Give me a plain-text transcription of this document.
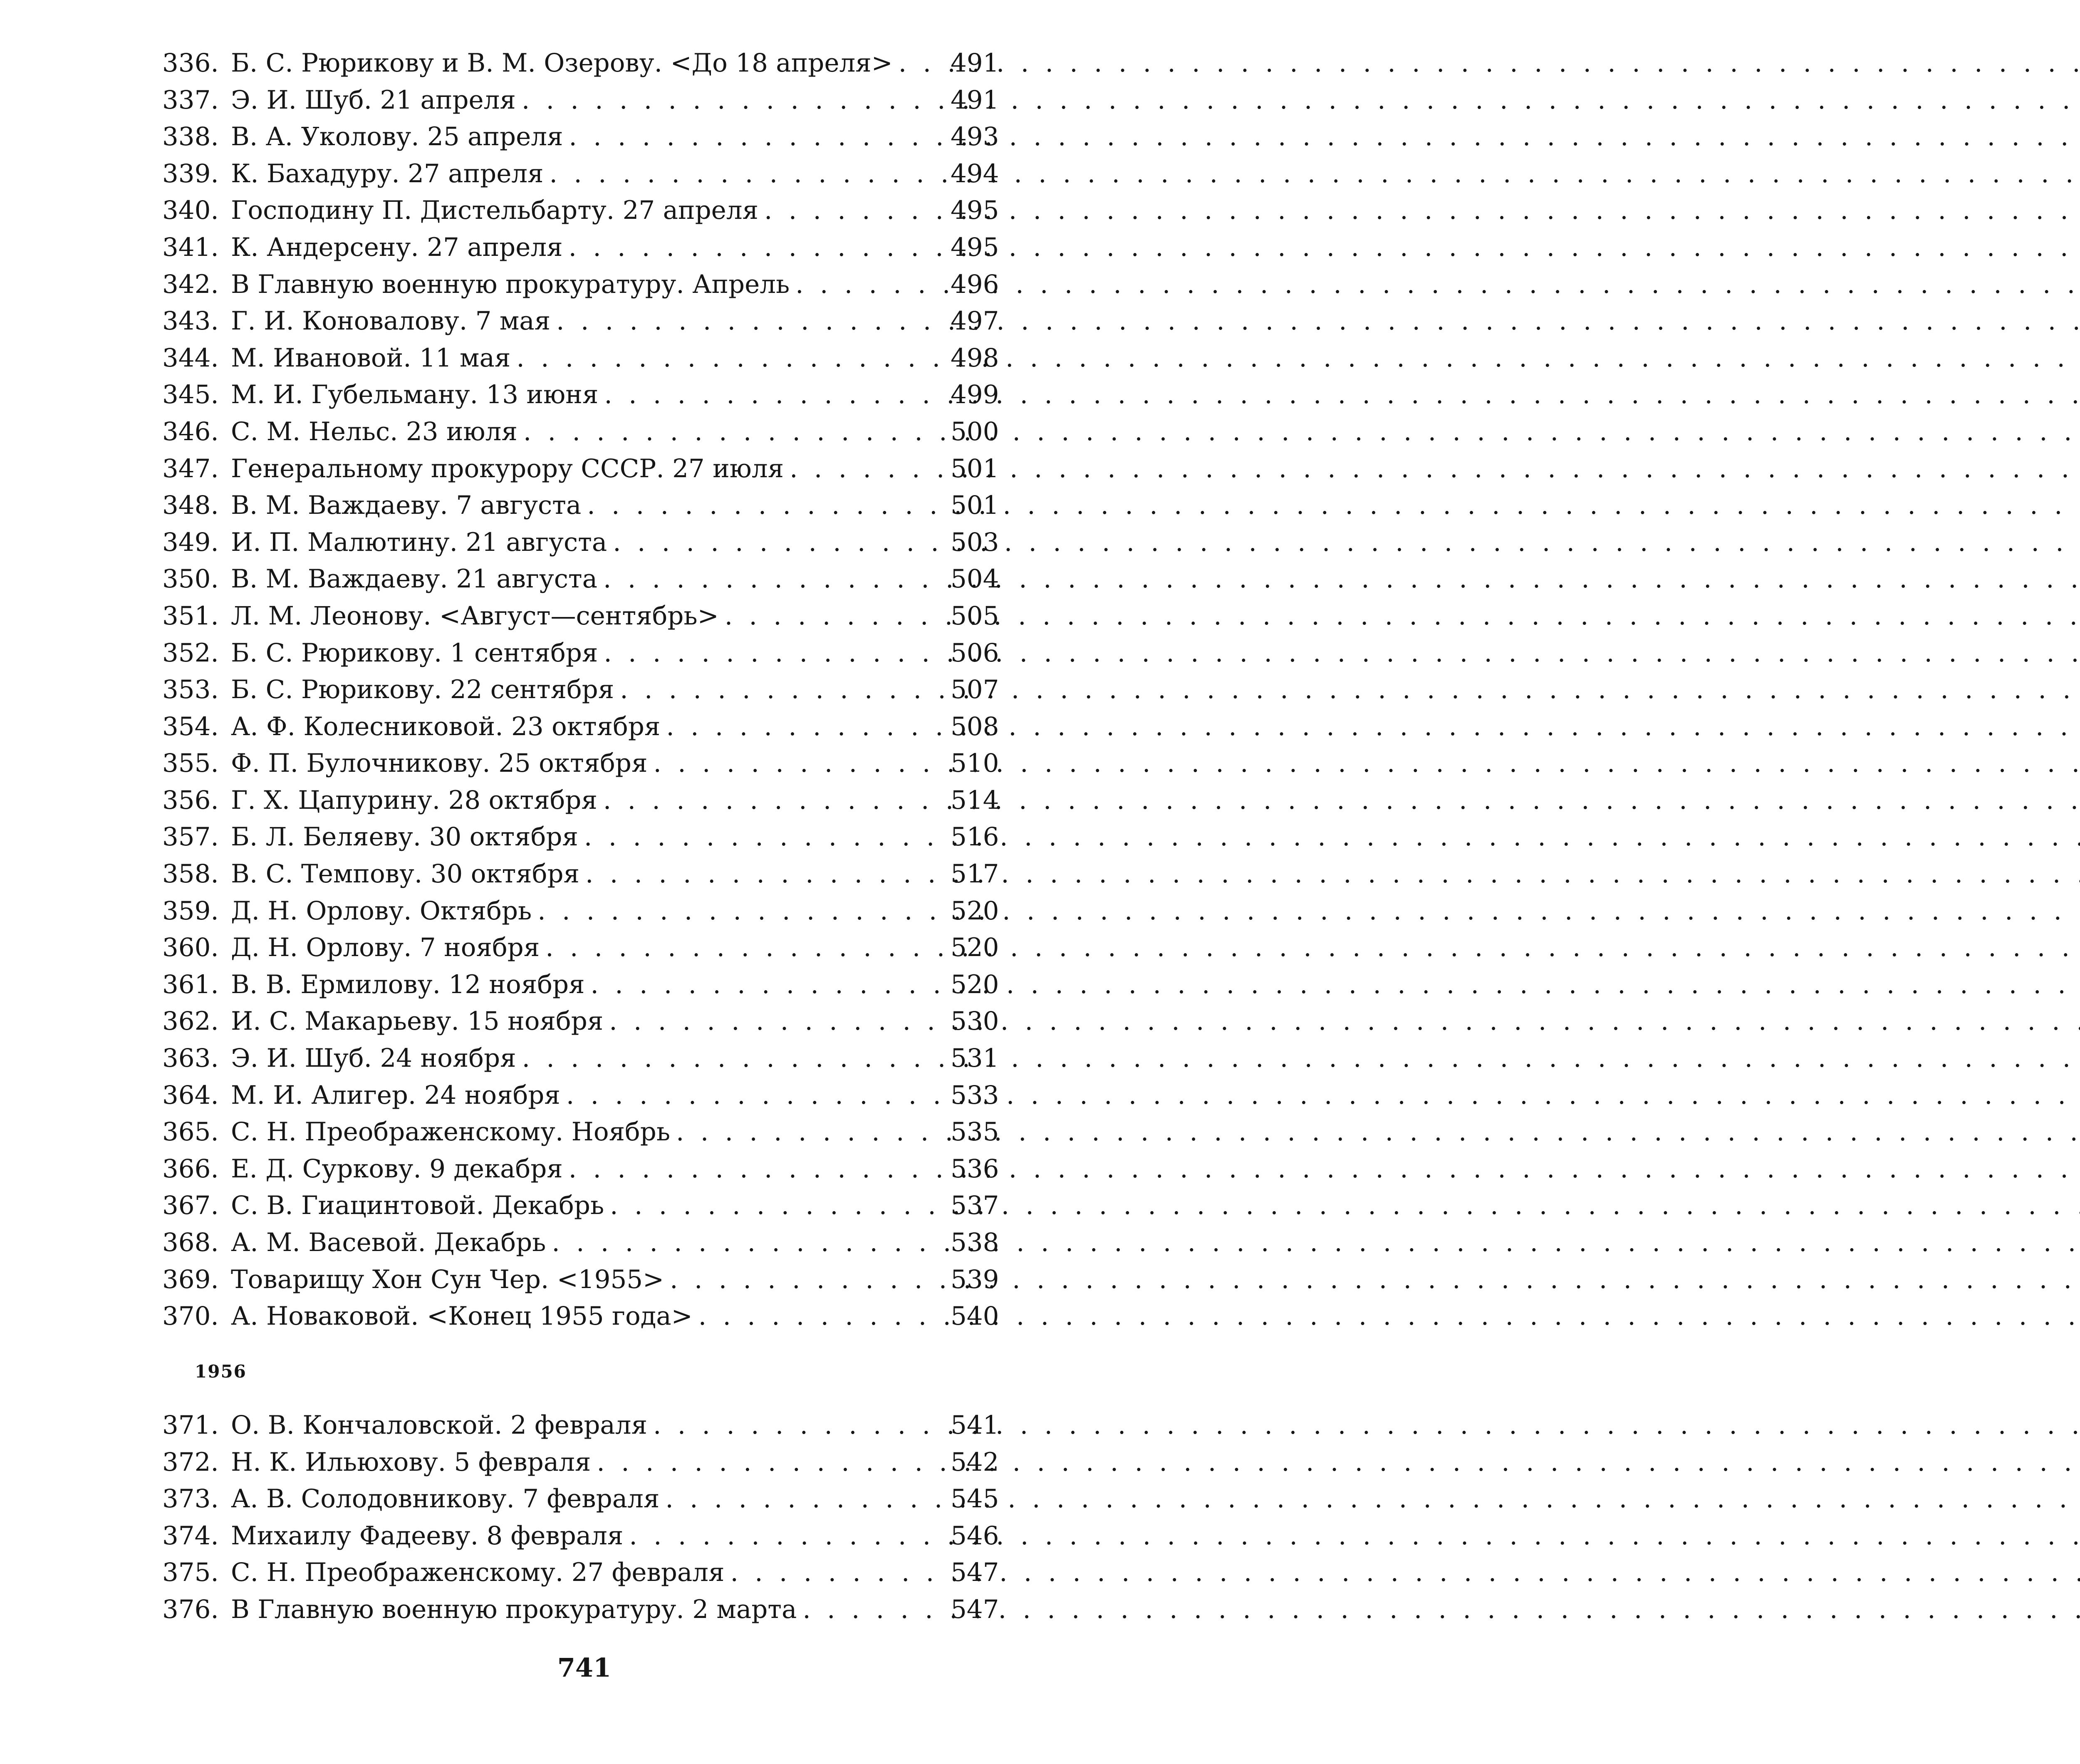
336. Б. С. Рюрикову и В. М. Озерову. <До 18 апреля> . . . 491
337. Э. И. Шуб. 21 апреля . . .	491
338. В. А. Уколову. 25 апреля . . .	493
339. К. Бахадуру. 27 апреля . . .	494
340. Господину П. Дистельбарту. 27 апреля . . .	495
341. К. Андерсену. 27 апреля . . .	495
342. В Главную военную прокуратуру. Апрель . . .	496
343. Г. И. Коновалову. 7 мая . . .	497
344. М. Ивановой. 11 мая . . .	498
345. М. И. Губельману. 13 июня . . .	499
346. С. М. Нельс. 23 июля . . .	500
347. Генеральному прокурору СССР. 27 июля . . .	501
348. В. М. Важдаеву. 7 августа . . .	501
349. И. П. Малютину. 21 августа . . .	503
350. В. М. Важдаеву. 21 августа . . .	504
351. Л. М. Леонову. <Август—сентябрь> . . .	505
352. Б. С. Рюрикову. 1 сентября . . .	506
353. Б. С. Рюрикову. 22 сентября . . .	507
354. А. Ф. Колесниковой. 23 октября . . .	508
355. Ф. П. Булочникову. 25 октября . . .	510
356. Г. Х. Цапурину. 28 октября . . .	514
357. Б. Л. Беляеву. 30 октября . . .	516
358. В. С. Темпову. 30 октября . . .	517
359. Д. Н. Орлову. Октябрь . . .	520
360. Д. Н. Орлову. 7 ноября . . .	520
361. В. В. Ермилову. 12 ноября . . .	520
362. И. С. Макарьеву. 15 ноября . . .	530
363. Э. И. Шуб. 24 ноября . . .	531
364. М. И. Алигер. 24 ноября . . .	533
365. С. Н. Преображенскому. Ноябрь . . .	535
366. Е. Д. Суркову. 9 декабря . . .	536
367. С. В. Гиацинтовой. Декабрь . . .	537
368. А. М. Васевой. Декабрь . . .	538
369. Товарищу Хон Сун Чер. <1955> . . .	539
370. А. Новаковой. <Конец 1955 года> . . .	540
1956
371. О. В. Кончаловской. 2 февраля . . .	541
372. Н. К. Ильюхову. 5 февраля . . .	542
373. А. В. Солодовникову. 7 февраля . . .	545
374. Михаилу Фадееву. 8 февраля . . .	546
375. С. Н. Преображенскому. 27 февраля . . .	547
376. В Главную военную прокуратуру. 2 марта . . .	547
741
